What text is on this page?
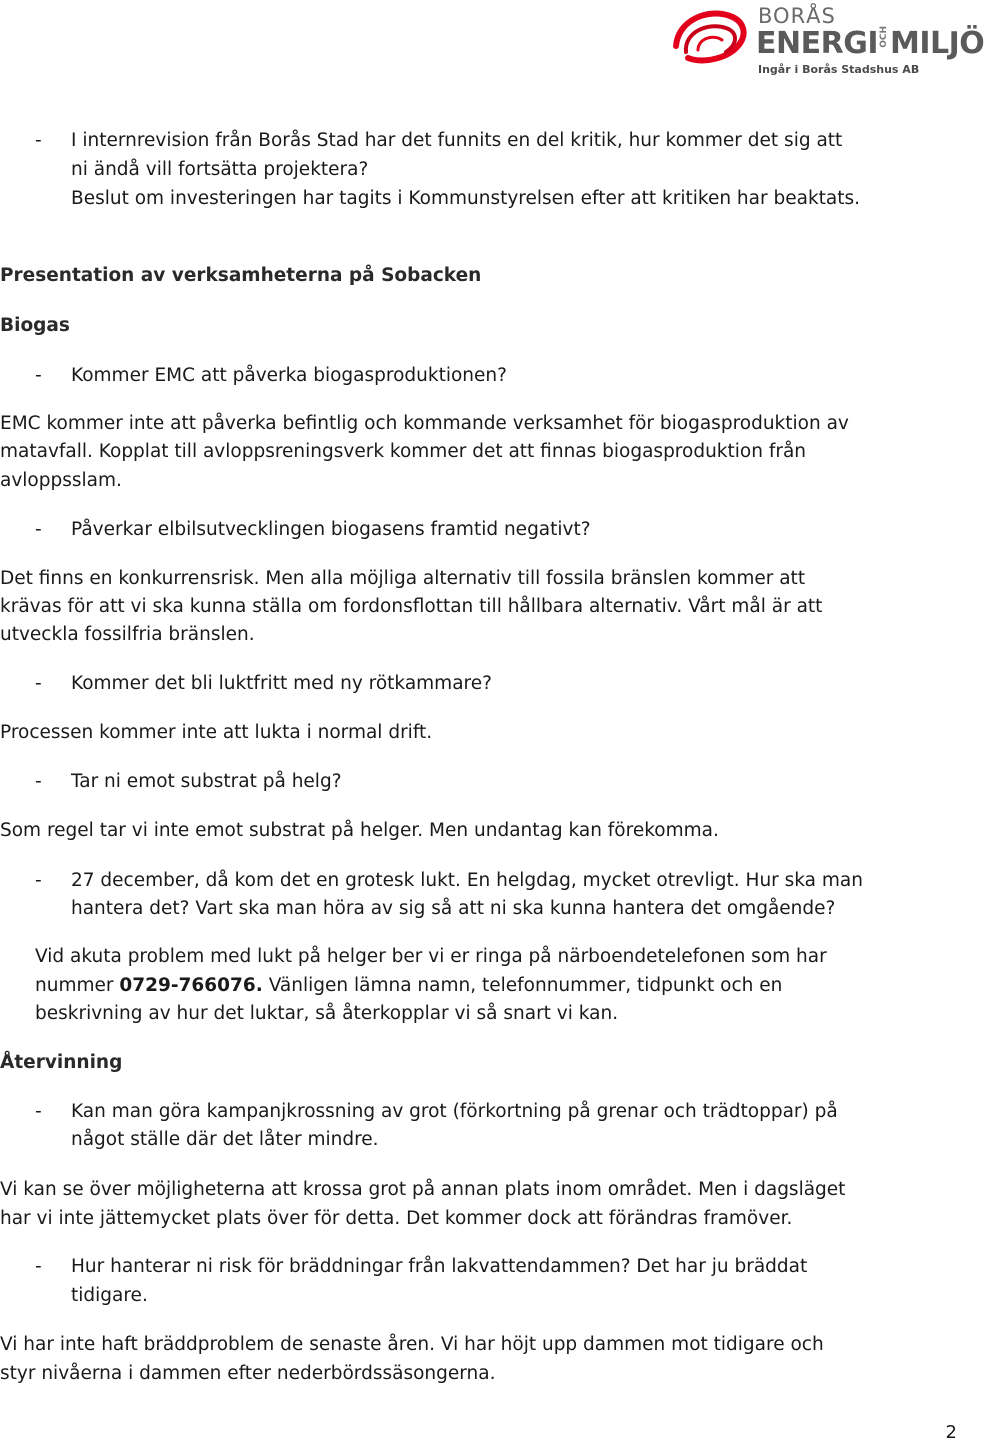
BORÅS
ENERGIOCHMILJÖ
Ingår i Borås Stadshus AB
- I internrevision från Borås Stad har det funnits en del kritik, hur kommer det sig att
ni ändå vill fortsätta projektera?
Beslut om investeringen har tagits i Kommunstyrelsen efter att kritiken har beaktats.
Presentation av verksamheterna på Sobacken
Biogas
- Kommer EMC att påverka biogasproduktionen?
EMC kommer inte att påverka befintlig och kommande verksamhet för biogasproduktion av
matavfall. Kopplat till avloppsreningsverk kommer det att finnas biogasproduktion från
avloppsslam.
- Påverkar elbilsutvecklingen biogasens framtid negativt?
Det finns en konkurrensrisk. Men alla möjliga alternativ till fossila bränslen kommer att
krävas för att vi ska kunna ställa om fordonsflottan till hållbara alternativ. Vårt mål är att
utveckla fossilfria bränslen.
- Kommer det bli luktfritt med ny rötkammare?
Processen kommer inte att lukta i normal drift.
- Tar ni emot substrat på helg?
Som regel tar vi inte emot substrat på helger. Men undantag kan förekomma.
- 27 december, då kom det en grotesk lukt. En helgdag, mycket otrevligt. Hur ska man
hantera det? Vart ska man höra av sig så att ni ska kunna hantera det omgående?
Vid akuta problem med lukt på helger ber vi er ringa på närboendetelefonen som har
nummer 0729-766076. Vänligen lämna namn, telefonnummer, tidpunkt och en
beskrivning av hur det luktar, så återkopplar vi så snart vi kan.
Återvinning
- Kan man göra kampanjkrossning av grot (förkortning på grenar och trädtoppar) på
något ställe där det låter mindre.
Vi kan se över möjligheterna att krossa grot på annan plats inom området. Men i dagsläget
har vi inte jättemycket plats över för detta. Det kommer dock att förändras framöver.
- Hur hanterar ni risk för bräddningar från lakvattendammen? Det har ju bräddat
tidigare.
Vi har inte haft bräddproblem de senaste åren. Vi har höjt upp dammen mot tidigare och
styr nivåerna i dammen efter nederbördssäsongerna.
2
